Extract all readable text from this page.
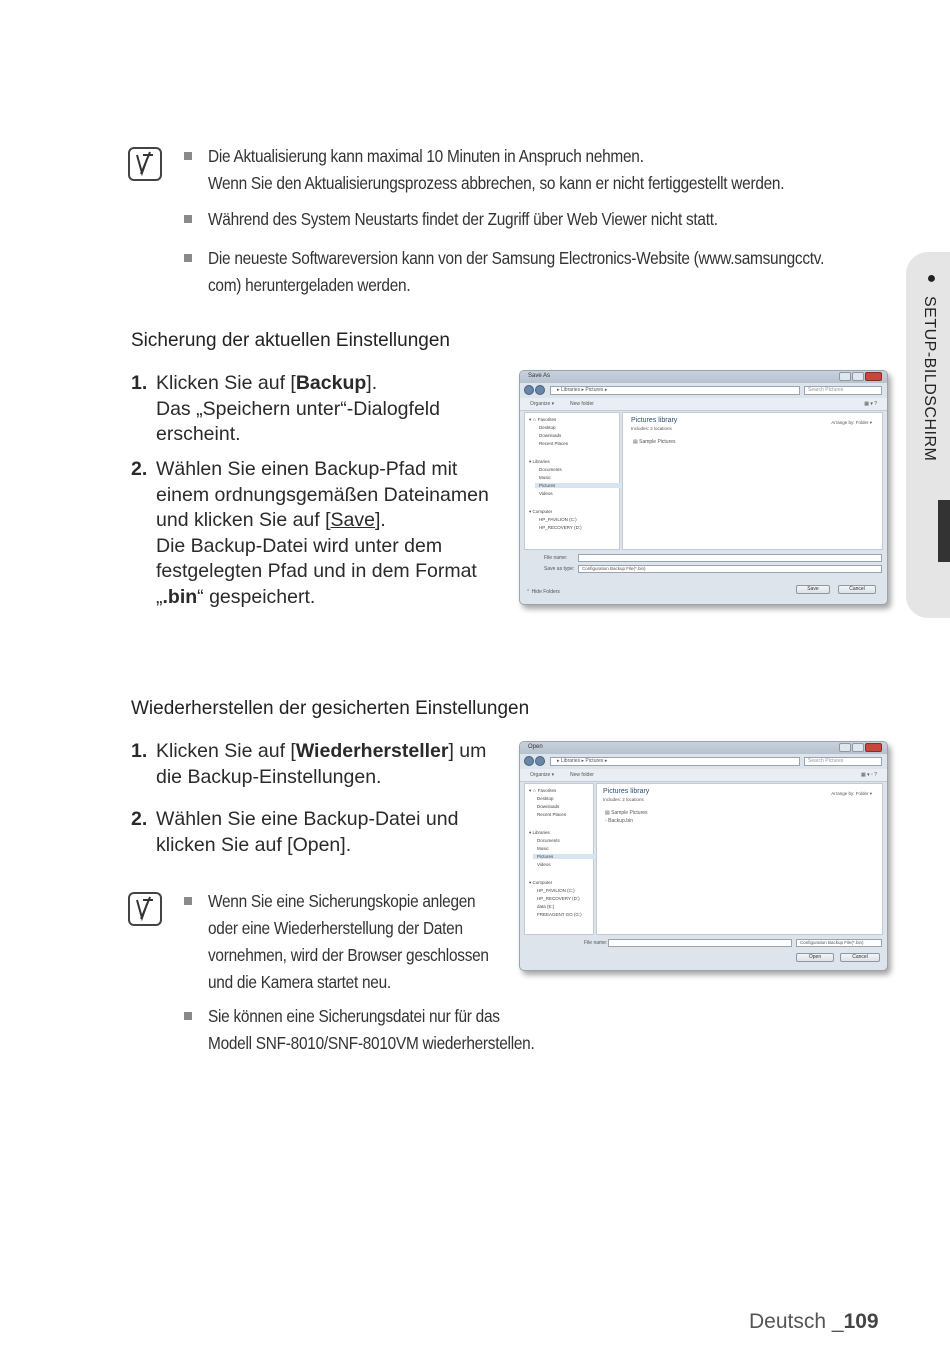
Die Aktualisierung kann maximal 10 Minuten in Anspruch nehmen.
Wenn Sie den Aktualisierungsprozess abbrechen, so kann er nicht fertiggestellt werden.
Während des System Neustarts findet der Zugriff über Web Viewer nicht statt.
Die neueste Softwareversion kann von der Samsung Electronics-Website (www.samsungcctv.
com) heruntergeladen werden.	●
SETUP-BILDSCHIRM
Sicherung der aktuellen Einstellungen
1. Klicken Sie auf [Backup].
Das „Speichern unter“-Dialogfeld
erscheint.
2. Wählen Sie einen Backup-Pfad mit
einem ordnungsgemäßen Dateinamen
und klicken Sie auf [Save].
Die Backup-Datei wird unter dem
festgelegten Pfad und in dem Format
„.bin“ gespeichert.
Save As
▸ Libraries ▸ Pictures ▸	Search Pictures
Organize ▾	New folder	▦ ▾ ?
▾ ☆ Favorites
Desktop
Downloads
Recent Places
▾ Libraries
Documents
Music
Pictures
Videos
▾ Computer
HP_PAVILION (C:)
HP_RECOVERY (D:)
Pictures library
Includes: 2 locations
Arrange by: Folder ▾
▤ Sample Pictures
File name:
Save as type:	Configuration Backup File(*.bin)
⌃ Hide Folders	Save	Cancel
Wiederherstellen der gesicherten Einstellungen
1. Klicken Sie auf [Wiederhersteller] um
die Backup-Einstellungen.
2. Wählen Sie eine Backup-Datei und
klicken Sie auf [Open].
Open
▸ Libraries ▸ Pictures ▸	Search Pictures
Organize ▾	New folder	▦ ▾ ▫ ?
▾ ☆ Favorites
Desktop
Downloads
Recent Places
▾ Libraries
Documents
Music
Pictures
Videos
▾ Computer
HP_PAVILION (C:)
HP_RECOVERY (D:)
data (E:)
FREEAGENT GO (G:)
Pictures library
Includes: 2 locations
Arrange by: Folder ▾
▤ Sample Pictures
▫ Backup.bin
File name:	Configuration Backup File(*.bin)
Open	Cancel
Wenn Sie eine Sicherungskopie anlegen
oder eine Wiederherstellung der Daten
vornehmen, wird der Browser geschlossen
und die Kamera startet neu.
Sie können eine Sicherungsdatei nur für das
Modell SNF-8010/SNF-8010VM wiederherstellen.
Deutsch _109
